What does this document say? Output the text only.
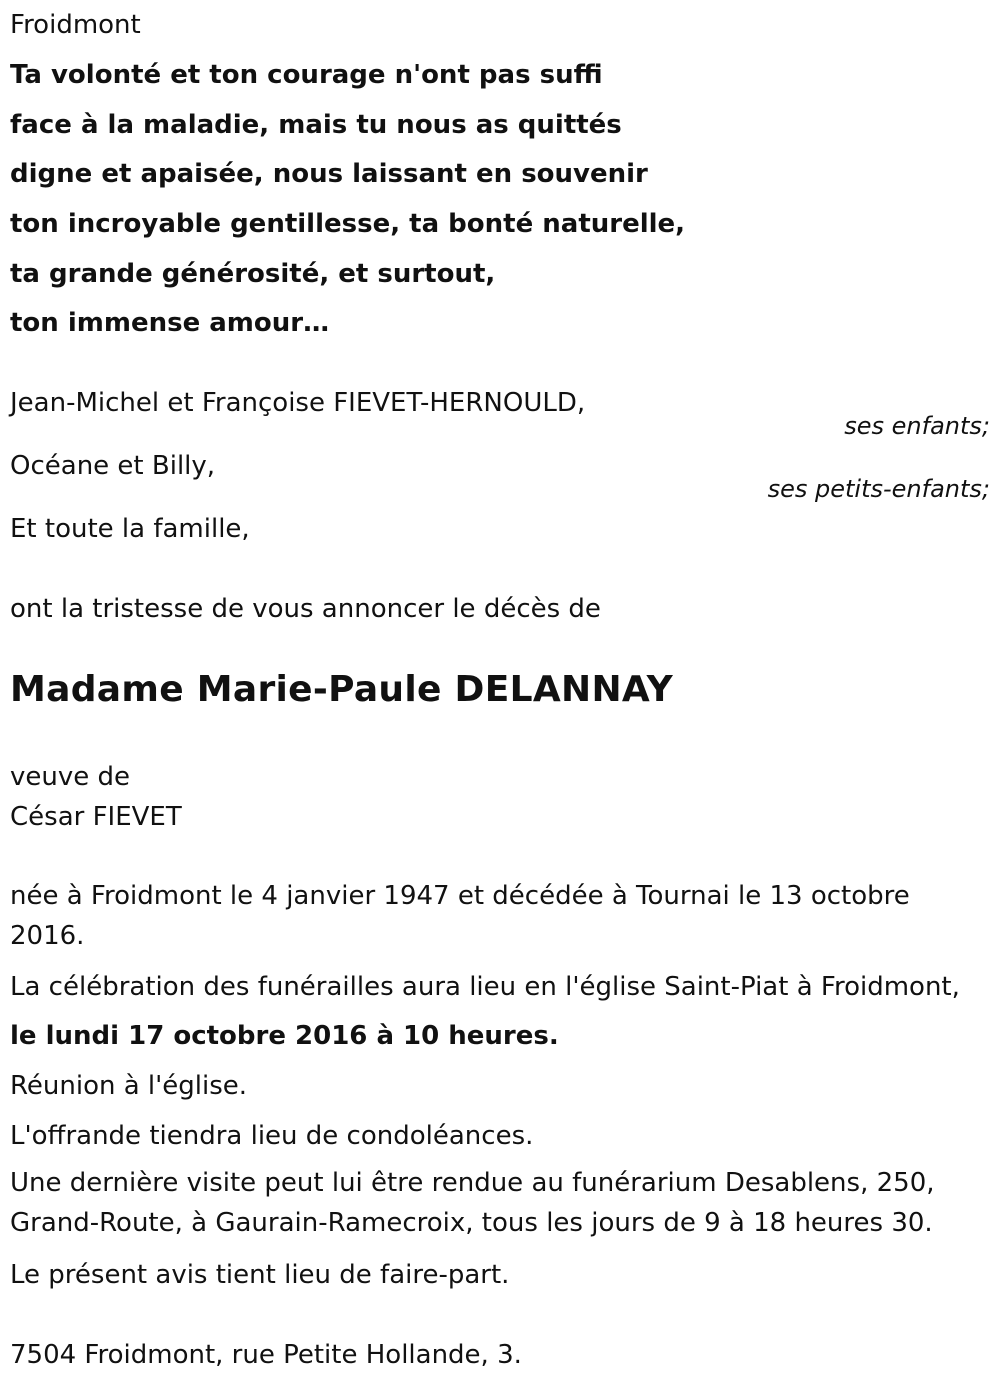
Froidmont
Ta volonté et ton courage n'ont pas suffi
face à la maladie, mais tu nous as quittés
digne et apaisée, nous laissant en souvenir
ton incroyable gentillesse, ta bonté naturelle,
ta grande générosité, et surtout,
ton immense amour…
Jean-Michel et Françoise FIEVET-HERNOULD,
ses enfants;
Océane et Billy,
ses petits-enfants;
Et toute la famille,
ont la tristesse de vous annoncer le décès de
Madame Marie-Paule DELANNAY
veuve de
César FIEVET
née à Froidmont le 4 janvier 1947 et décédée à Tournai le 13 octobre 2016.
La célébration des funérailles aura lieu en l'église Saint-Piat à Froidmont,
le lundi 17 octobre 2016 à 10 heures.
Réunion à l'église.
L'offrande tiendra lieu de condoléances.
Une dernière visite peut lui être rendue au funérarium Desablens, 250, Grand-Route, à Gaurain-Ramecroix, tous les jours de 9 à 18 heures 30.
Le présent avis tient lieu de faire-part.
7504 Froidmont, rue Petite Hollande, 3.
